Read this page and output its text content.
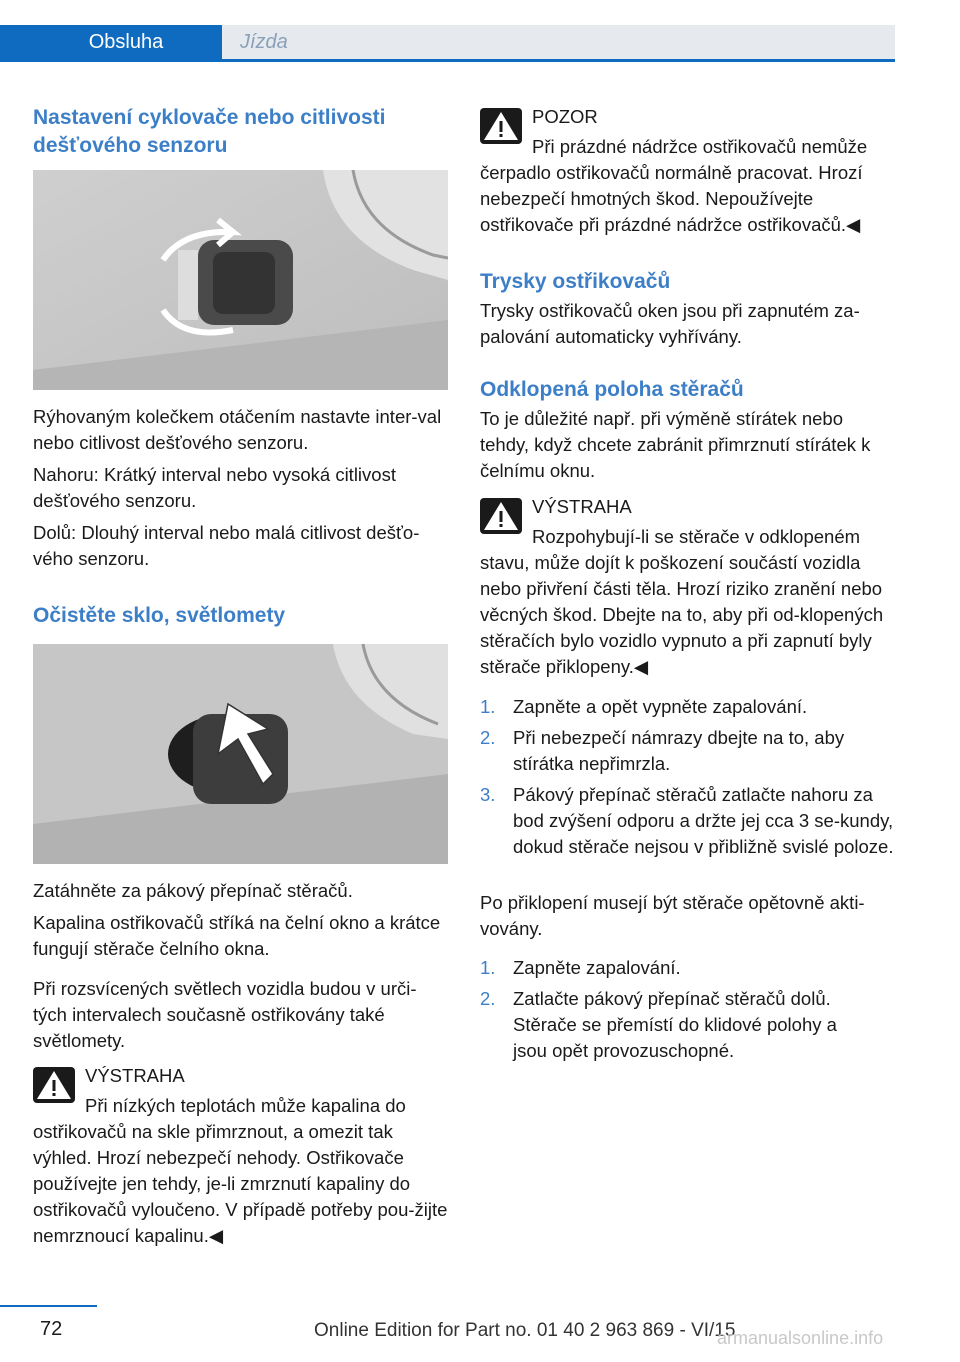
Obsluha	Jízda
Nastavení cyklovače nebo citlivosti dešťového senzoru

Rýhovaným kolečkem otáčením nastavte inter‐val nebo citlivost dešťového senzoru.

Nahoru: Krátký interval nebo vysoká citlivost dešťového senzoru.

Dolů: Dlouhý interval nebo malá citlivost dešťo‐vého senzoru.

Očistěte sklo, světlomety

Zatáhněte za pákový přepínač stěračů.

Kapalina ostřikovačů stříká na čelní okno a krátce fungují stěrače čelního okna.

Při rozsvícených světlech vozidla budou v urči‐tých intervalech současně ostřikovány také světlomety.

VÝSTRAHA

Při nízkých teplotách může kapalina do ostřikovačů na skle přimrznout, a omezit tak výhled. Hrozí nebezpečí nehody. Ostřikovače používejte jen tehdy, je-li zmrznutí kapaliny do ostřikovačů vyloučeno. V případě potřeby pou‐žijte nemrznoucí kapalinu.◀

POZOR

Při prázdné nádržce ostřikovačů nemůže čerpadlo ostřikovačů normálně pracovat. Hrozí nebezpečí hmotných škod. Nepoužívejte ostřikovače při prázdné nádržce ostřikovačů.◀

Trysky ostřikovačů

Trysky ostřikovačů oken jsou při zapnutém za‐palování automaticky vyhřívány.

Odklopená poloha stěračů

To je důležité např. při výměně stírátek nebo tehdy, když chcete zabránit přimrznutí stírátek k čelnímu oknu.

VÝSTRAHA

Rozpohybují-li se stěrače v odklopeném stavu, může dojít k poškození součástí vozidla nebo přivření části těla. Hrozí riziko zranění nebo věcných škod. Dbejte na to, aby při od‐klopených stěračích bylo vozidlo vypnuto a při zapnutí byly stěrače přiklopeny.◀

1. Zapněte a opět vypněte zapalování.
2. Při nebezpečí námrazy dbejte na to, aby stírátka nepřimrzla.
3. Pákový přepínač stěračů zatlačte nahoru za bod zvýšení odporu a držte jej cca 3 se‐kundy, dokud stěrače nejsou v přibližně svislé poloze.

Po přiklopení musejí být stěrače opětovně akti‐vovány.

1. Zapněte zapalování.
2. Zatlačte pákový přepínač stěračů dolů. Stěrače se přemístí do klidové polohy a jsou opět provozuschopné.
72	Online Edition for Part no. 01 40 2 963 869 - VI/15
armanualsonline.info
